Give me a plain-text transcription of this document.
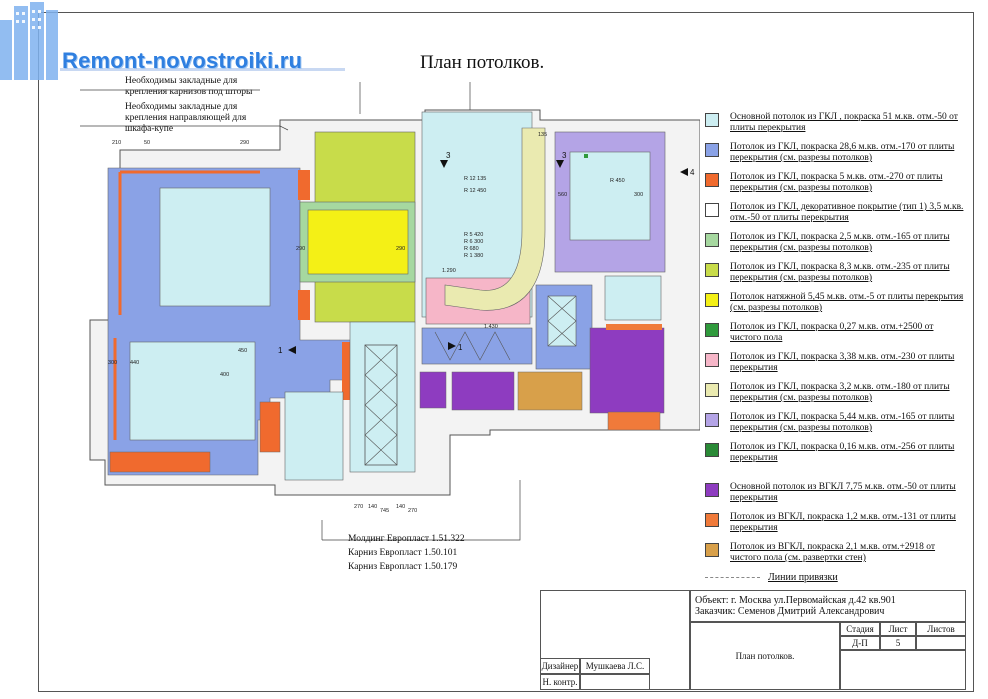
Remont-novostroiki.ru	План потолков.
Необходимы закладные для
крепления карнизов под шторы
Необходимы закладные для
крепления направляющей для
шкафа-купе
1	1
3	3
4
210	50	290
290	290
300 440
450
400
270 140
745
140
270
135
560	300
1.430
1.290
R 450
R 12 135
R 12 450
R 5 420
R 6 300
R 680
R 1 380
Молдинг Европласт 1.51.322
Карниз Европласт 1.50.101
Карниз Европласт 1.50.179
Основной потолок из ГКЛ , покраска 51 м.кв. отм.-50 от плиты перекрытия
Потолок из ГКЛ, покраска 28,6 м.кв. отм.-170 от плиты перекрытия (см. разрезы потолков)
Потолок из ГКЛ, покраска 5 м.кв. отм.-270 от плиты перекрытия (см. разрезы потолков)
Потолок из ГКЛ, декоративное покрытие (тип 1) 3,5 м.кв. отм.-50 от плиты перекрытия
Потолок из ГКЛ, покраска 2,5 м.кв. отм.-165 от плиты перекрытия (см. разрезы потолков)
Потолок из ГКЛ, покраска 8,3 м.кв. отм.-235 от плиты перекрытия (см. разрезы потолков)
Потолок натяжной 5,45 м.кв. отм.-5 от плиты перекрытия (см. разрезы потолков)
Потолок из ГКЛ, покраска 0,27 м.кв. отм.+2500 от чистого пола
Потолок из ГКЛ, покраска 3,38 м.кв. отм.-230 от плиты перекрытия
Потолок из ГКЛ, покраска 3,2 м.кв. отм.-180 от плиты перекрытия (см. разрезы потолков)
Потолок из ГКЛ, покраска 5,44 м.кв. отм.-165 от плиты перекрытия (см. разрезы потолков)
Потолок из ГКЛ, покраска 0,16 м.кв. отм.-256 от плиты перекрытия
Основной потолок из ВГКЛ 7,75 м.кв. отм.-50 от плиты перекрытия
Потолок из ВГКЛ, покраска 1,2 м.кв. отм.-131 от плиты перекрытия
Потолок из ВГКЛ, покраска 2,1 м.кв. отм.+2918 от чистого пола (см. развертки стен)
Линии привязки
Объект: г. Москва ул.Первомайская д.42 кв.901
Заказчик: Семенов Дмитрий Александрович
План потолков.
Стадия	Лист	Листов
Д-П	5
Дизайнер Мушкаева Л.С.
Н. контр.
